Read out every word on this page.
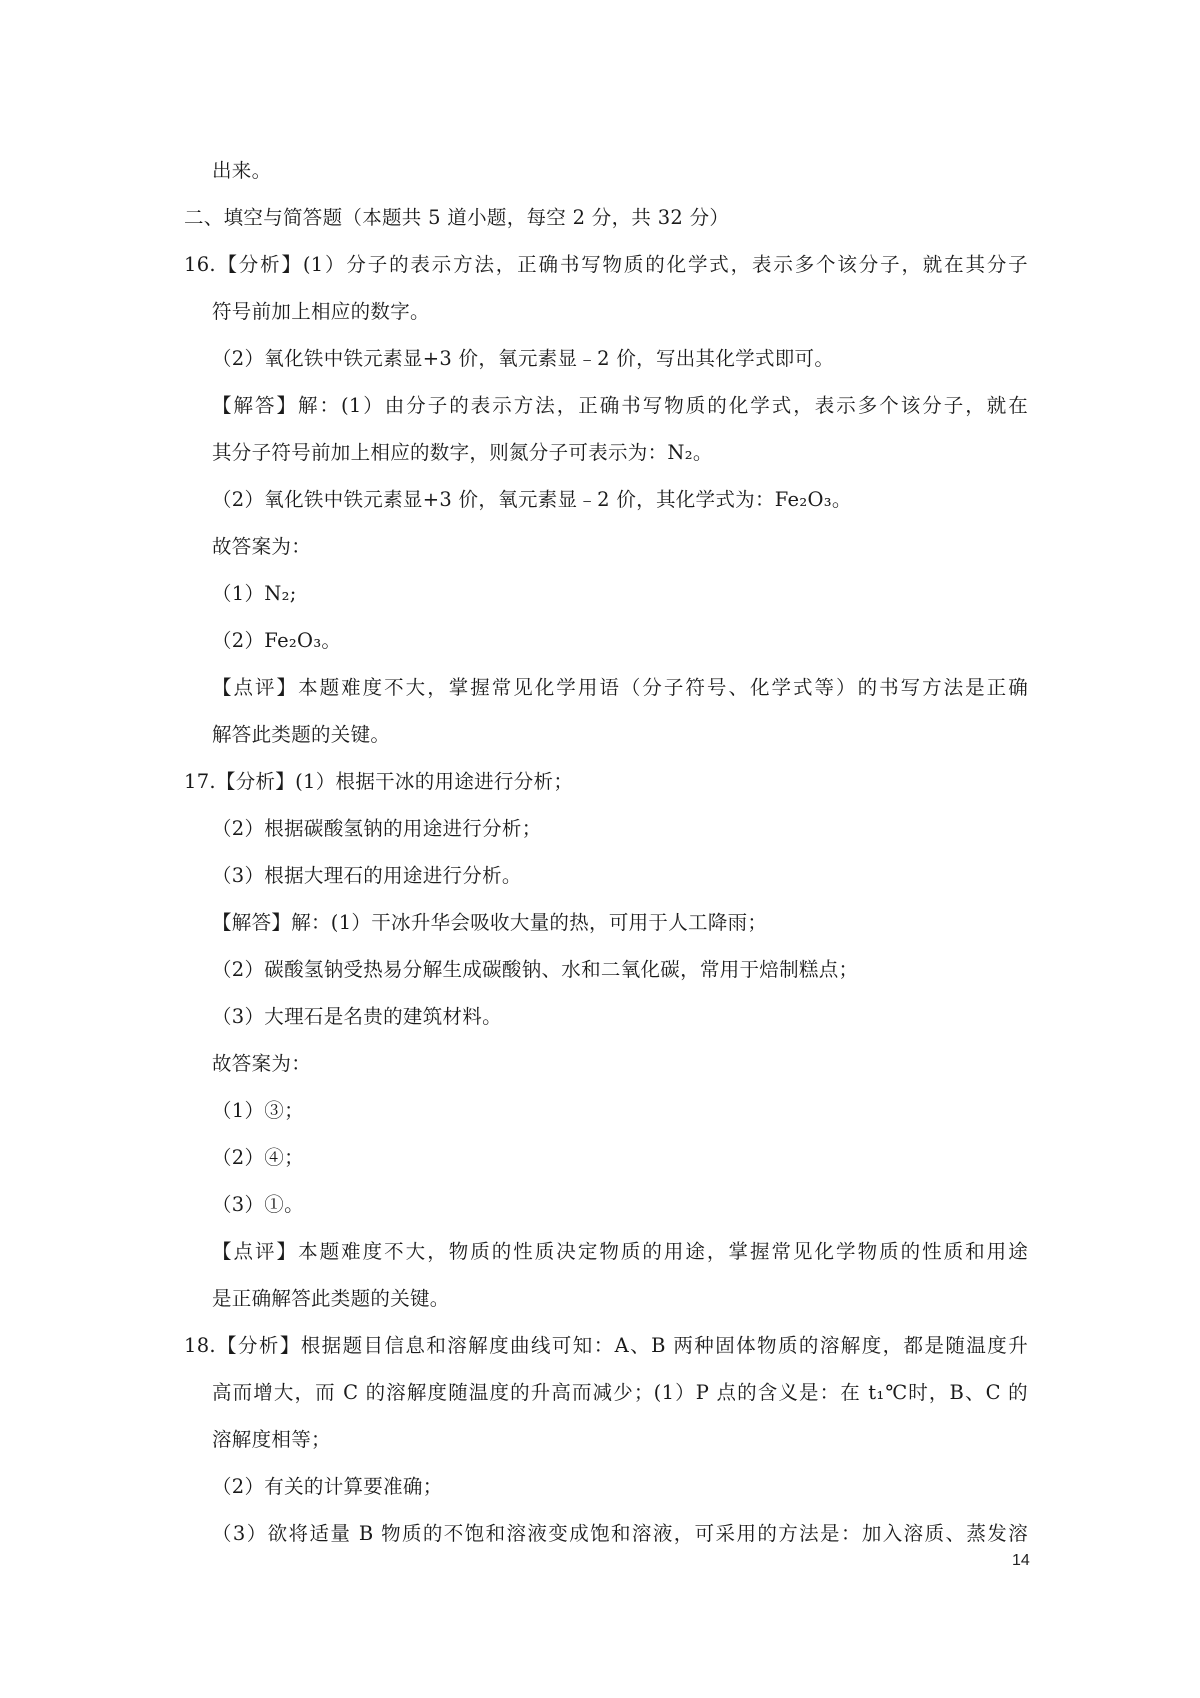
出来。
二、填空与简答题（本题共 5 道小题，每空 2 分，共 32 分）
16.【分析】(1）分子的表示方法，正确书写物质的化学式，表示多个该分子，就在其分子
符号前加上相应的数字。
（2）氧化铁中铁元素显+3 价，氧元素显﹣2 价，写出其化学式即可。
【解答】解：(1）由分子的表示方法，正确书写物质的化学式，表示多个该分子，就在
其分子符号前加上相应的数字，则氮分子可表示为：N₂。
（2）氧化铁中铁元素显+3 价，氧元素显﹣2 价，其化学式为：Fe₂O₃。
故答案为：
（1）N₂;
（2）Fe₂O₃。
【点评】本题难度不大，掌握常见化学用语（分子符号、化学式等）的书写方法是正确
解答此类题的关键。
17.【分析】(1）根据干冰的用途进行分析；
（2）根据碳酸氢钠的用途进行分析；
（3）根据大理石的用途进行分析。
【解答】解：(1）干冰升华会吸收大量的热，可用于人工降雨；
（2）碳酸氢钠受热易分解生成碳酸钠、水和二氧化碳，常用于焙制糕点；
（3）大理石是名贵的建筑材料。
故答案为：
（1）③；
（2）④；
（3）①。
【点评】本题难度不大，物质的性质决定物质的用途，掌握常见化学物质的性质和用途
是正确解答此类题的关键。
18.【分析】根据题目信息和溶解度曲线可知：A、B 两种固体物质的溶解度，都是随温度升
高而增大，而 C 的溶解度随温度的升高而减少；(1）P 点的含义是：在 t₁℃时，B、C 的
溶解度相等；
（2）有关的计算要准确；
（3）欲将适量 B 物质的不饱和溶液变成饱和溶液，可采用的方法是：加入溶质、蒸发溶
14
